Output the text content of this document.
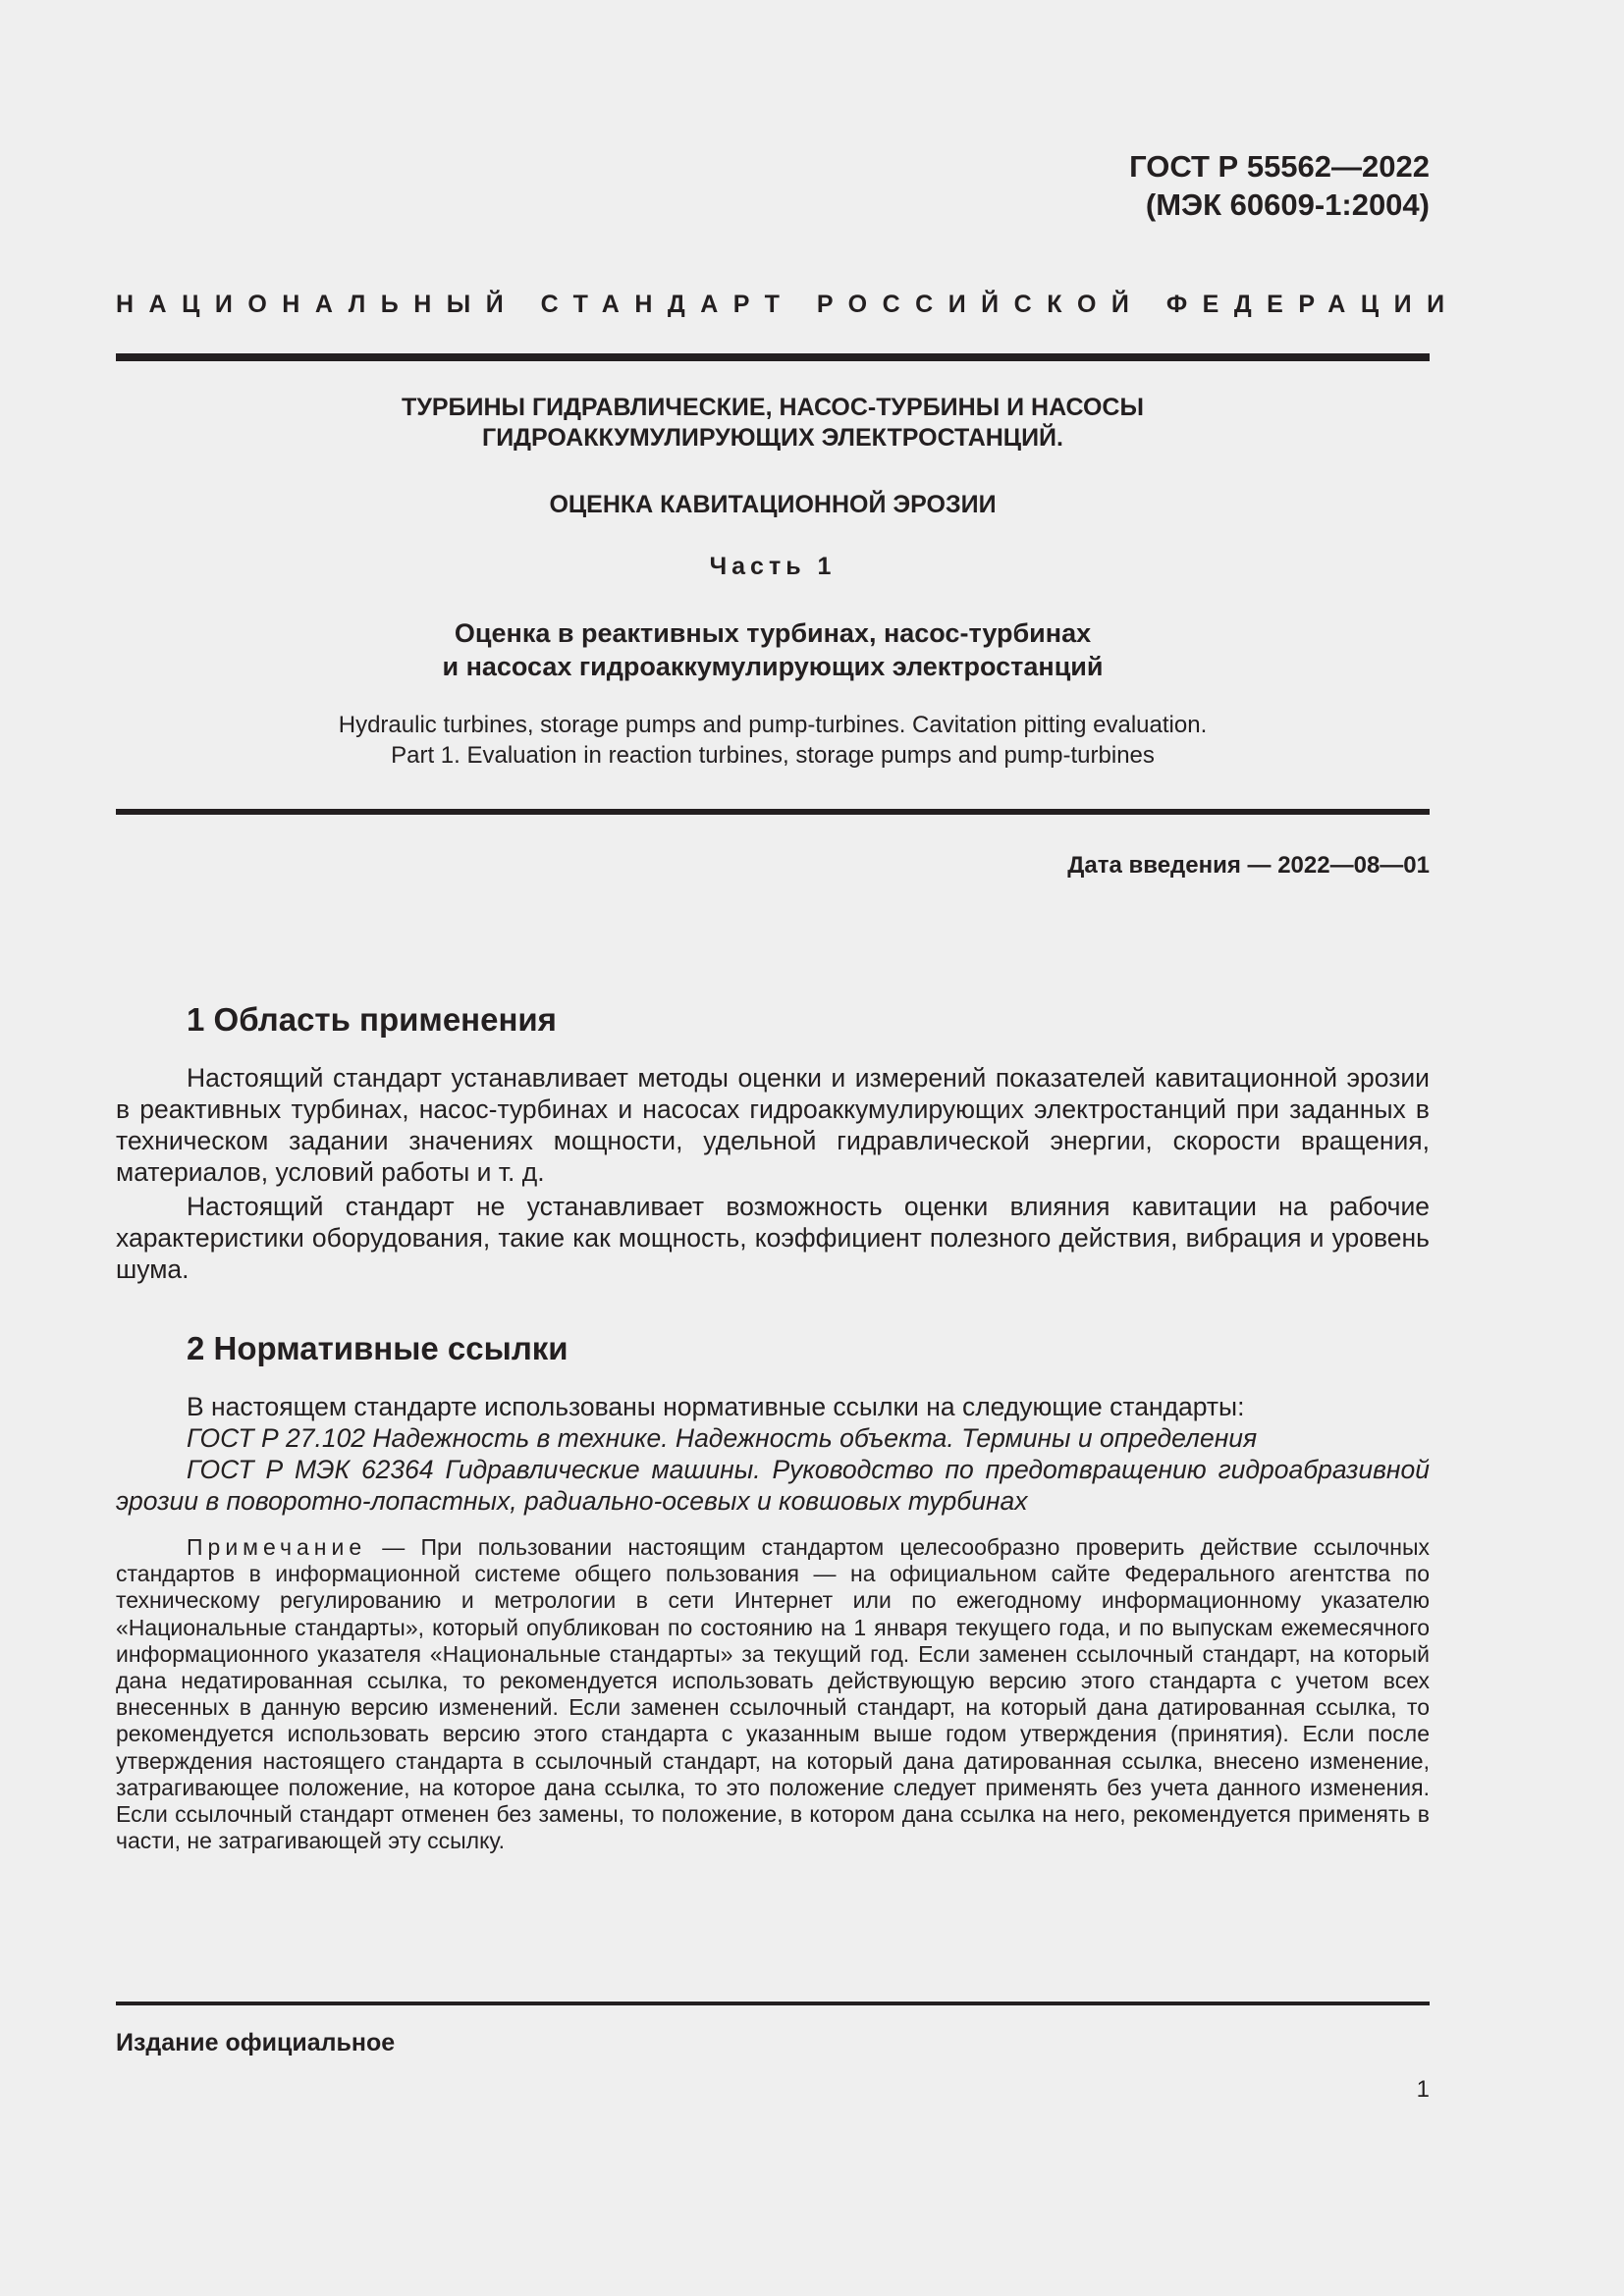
ГОСТ Р 55562—2022
(МЭК 60609-1:2004)
НАЦИОНАЛЬНЫЙ СТАНДАРТ РОССИЙСКОЙ ФЕДЕРАЦИИ
ТУРБИНЫ ГИДРАВЛИЧЕСКИЕ, НАСОС-ТУРБИНЫ И НАСОСЫ
ГИДРОАККУМУЛИРУЮЩИХ ЭЛЕКТРОСТАНЦИЙ.
ОЦЕНКА КАВИТАЦИОННОЙ ЭРОЗИИ
Часть 1
Оценка в реактивных турбинах, насос-турбинах
и насосах гидроаккумулирующих электростанций
Hydraulic turbines, storage pumps and pump-turbines. Cavitation pitting evaluation.
Part 1. Evaluation in reaction turbines, storage pumps and pump-turbines
Дата введения — 2022—08—01
1 Область применения

Настоящий стандарт устанавливает методы оценки и измерений показателей кавитационной эрозии в реактивных турбинах, насос-турбинах и насосах гидроаккумулирующих электростанций при заданных в техническом задании значениях мощности, удельной гидравлической энергии, скорости вращения, материалов, условий работы и т. д.

Настоящий стандарт не устанавливает возможность оценки влияния кавитации на рабочие характеристики оборудования, такие как мощность, коэффициент полезного действия, вибрация и уровень шума.

2 Нормативные ссылки

В настоящем стандарте использованы нормативные ссылки на следующие стандарты:

ГОСТ Р 27.102 Надежность в технике. Надежность объекта. Термины и определения

ГОСТ Р МЭК 62364 Гидравлические машины. Руководство по предотвращению гидроабразивной эрозии в поворотно-лопастных, радиально-осевых и ковшовых турбинах

Примечание — При пользовании настоящим стандартом целесообразно проверить действие ссылочных стандартов в информационной системе общего пользования — на официальном сайте Федерального агентства по техническому регулированию и метрологии в сети Интернет или по ежегодному информационному указателю «Национальные стандарты», который опубликован по состоянию на 1 января текущего года, и по выпускам ежемесячного информационного указателя «Национальные стандарты» за текущий год. Если заменен ссылочный стандарт, на который дана недатированная ссылка, то рекомендуется использовать действующую версию этого стандарта с учетом всех внесенных в данную версию изменений. Если заменен ссылочный стандарт, на который дана датированная ссылка, то рекомендуется использовать версию этого стандарта с указанным выше годом утверждения (принятия). Если после утверждения настоящего стандарта в ссылочный стандарт, на который дана датированная ссылка, внесено изменение, затрагивающее положение, на которое дана ссылка, то это положение следует применять без учета данного изменения. Если ссылочный стандарт отменен без замены, то положение, в котором дана ссылка на него, рекомендуется применять в части, не затрагивающей эту ссылку.

Издание официальное
1
